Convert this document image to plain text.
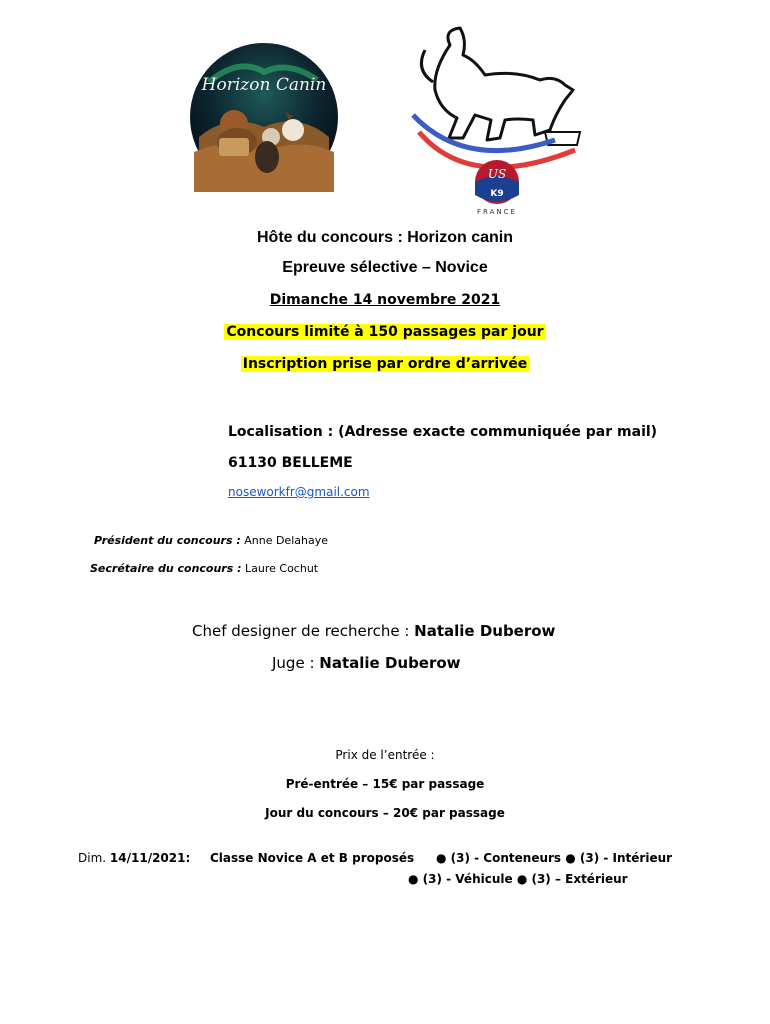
Horizon Canin
US
K9
FRANCE
Hôte du concours : Horizon canin
Epreuve sélective – Novice
Dimanche 14 novembre 2021
Concours limité à 150 passages par jour
Inscription prise par ordre d’arrivée
Localisation : (Adresse exacte communiquée par mail)
61130 BELLEME
noseworkfr@gmail.com
Président du concours : Anne Delahaye
Secrétaire du concours : Laure Cochut
Chef designer de recherche : Natalie Duberow
Juge : Natalie Duberow
Prix de l’entrée :
Pré-entrée – 15€ par passage
Jour du concours – 20€ par passage
Dim. 14/11/2021: Classe Novice A et B proposés ● (3) - Conteneurs ● (3) - Intérieur
● (3) - Véhicule ● (3) – Extérieur
